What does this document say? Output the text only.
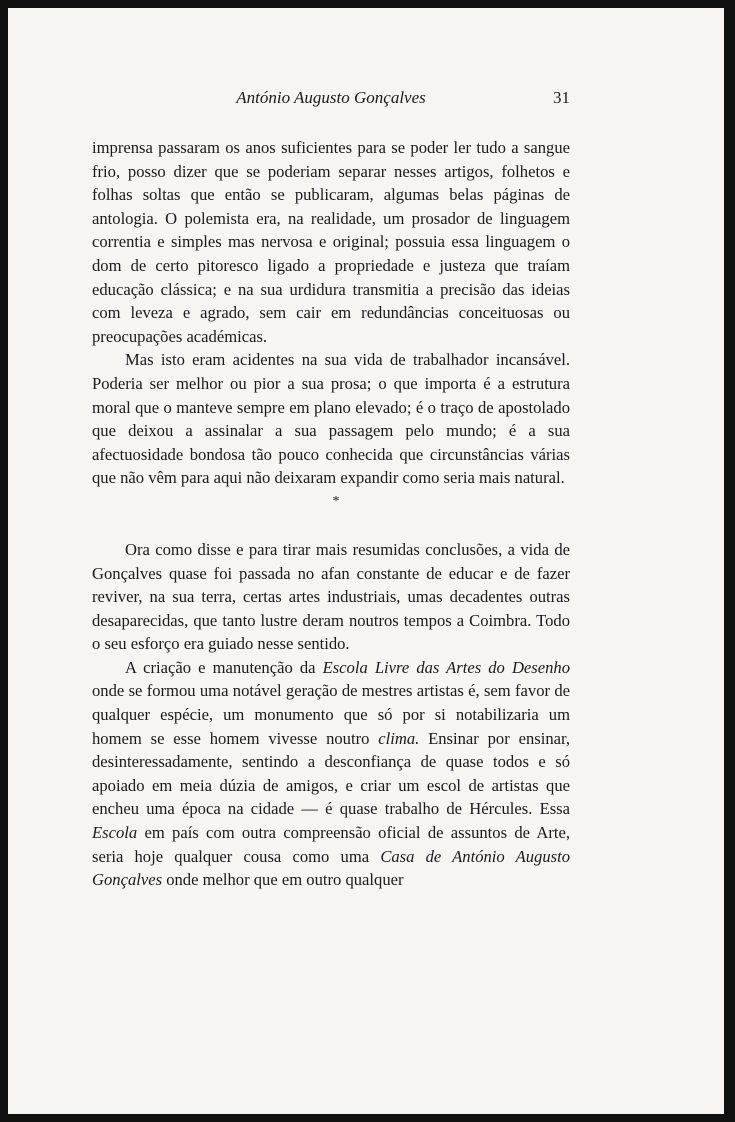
António Augusto Gonçalves	31

imprensa passaram os anos suficientes para se poder ler tudo a sangue frio, posso dizer que se poderiam separar nesses artigos, folhetos e folhas soltas que então se publicaram, algumas belas páginas de antologia. O polemista era, na realidade, um prosador de linguagem correntia e simples mas nervosa e original; possuia essa linguagem o dom de certo pitoresco ligado a propriedade e justeza que traíam educação clássica; e na sua urdidura transmitia a precisão das ideias com leveza e agrado, sem cair em redundâncias conceituosas ou preocupações académicas.

Mas isto eram acidentes na sua vida de trabalhador incansável. Poderia ser melhor ou pior a sua prosa; o que importa é a estrutura moral que o manteve sempre em plano elevado; é o traço de apostolado que deixou a assinalar a sua passagem pelo mundo; é a sua afectuosidade bondosa tão pouco conhecida que circunstâncias várias que não vêm para aqui não deixaram expandir como seria mais natural.

*

Ora como disse e para tirar mais resumidas conclusões, a vida de Gonçalves quase foi passada no afan constante de educar e de fazer reviver, na sua terra, certas artes industriais, umas decadentes outras desaparecidas, que tanto lustre deram noutros tempos a Coimbra. Todo o seu esforço era guiado nesse sentido.

A criação e manutenção da Escola Livre das Artes do Desenho onde se formou uma notável geração de mestres artistas é, sem favor de qualquer espécie, um monumento que só por si notabilizaria um homem se esse homem vivesse noutro clima. Ensinar por ensinar, desinteressadamente, sentindo a desconfiança de quase todos e só apoiado em meia dúzia de amigos, e criar um escol de artistas que encheu uma época na cidade — é quase trabalho de Hércules. Essa Escola em país com outra compreensão oficial de assuntos de Arte, seria hoje qualquer cousa como uma Casa de António Augusto Gonçalves onde melhor que em outro qualquer
